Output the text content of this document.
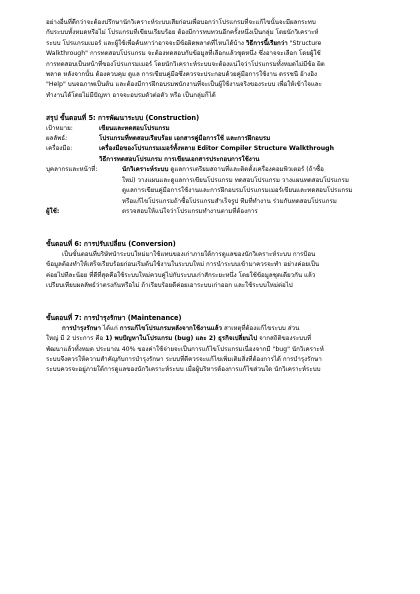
อย่างอื่นที่ดีกว่าจะต้องปรึกษานักวิเคราะห์ระบบเสียก่อนเพื่อบอกว่าโปรแกรมที่จะแก้ไขนั้นจะมีผลกระทบ

กับระบบทั้งหมดหรือไม่ โปรแกรมที่เขียนเรียบร้อย ต้องมีการทบทวนอีกครั้งหนึ่งเป็นกลุ่ม โดยนักวิเคราะห์

ระบบ โปรแกรมเมอร์ และผู้ใช้เพื่อค้นหาว่าอาจจะมีข้อผิดพลาดที่ไหนได้บ้าง วิธีการนี้เรียกว่า "Structure

Walkthrough" การทดสอบโปรแกรม จะต้องทดสอบกับข้อมูลที่เลือกแล้วชุดหนึ่ง ซึ่งอาจจะเลือก โดยผู้ใช้

การทดสอบเป็นหน้าที่ของโปรแกรมเมอร์ โดยนักวิเคราะห์ระบบจะต้องแน่ใจว่าโปรแกรมทั้งหมดไม่มีข้อ ผิด

พลาด หลังจากนั้น ต้องควบคุม ดูแล การเขียนคู่มือซึ่งควรจะประกอบด้วยคู่มือการใช้งาน ดรรชนี อ้างอิง

"Help" บนจอภาพเป็นต้น และต้องมีการฝึกอบรมพนักงานที่จะเป็นผู้ใช้งานจริงของระบบ เพื่อให้เข้าใจและ

ทำงานได้โดยไม่มีปัญหา อาจจะอบรมตัวต่อตัว หรือ เป็นกลุ่มก็ได้

สรุป ขั้นตอนที่ 5: การพัฒนาระบบ (Construction)

เป้าหมาย:	เขียนและทดสอบโปรแกรม
ผลลัพธ์:	โปรแกรมที่ทดสอบเรียบร้อย เอกสารคู่มือการใช้ และการฝึกอบรม
เครื่องมือ:	เครื่องมือของโปรแกรมเมอร์ทั้งหลาย Editor Compiler Structure Walkthrough

วิธีการทดสอบโปรแกรม การเขียนเอกสารประกอบการใช้งาน

บุคลากรและหน้าที่:	นักวิเคราะห์ระบบ ดูแลการเตรียมสถานที่และติดตั้งเครื่องคอมพิวเตอร์ (ถ้าซื้อ

ใหม่) วางแผนและดูแลการเขียนโปรแกรม ทดสอบโปรแกรม วางแผนทดสอบโปรแกรม

ดูแลการเขียนคู่มือการใช้งานและการฝึกอบรมโปรแกรมเมอร์เขียนและทดสอบโปรแกรม

หรือแก้ไขโปรแกรมถ้าซื้อโปรแกรมสำเร็จรูป ทีมที่ทำงาน ร่วมกันทดสอบโปรแกรม

ผู้ใช้:	ตรวจสอบให้แน่ใจว่าโปรแกรมทำงานตามที่ต้องการ

ขั้นตอนที่ 6: การปรับเปลี่ยน (Conversion)

เป็นขั้นตอนที่บริษัทนำระบบใหม่มาใช้แทนของเก่าภายใต้การดูแลของนักวิเคราะห์ระบบ การป้อน

ข้อมูลต้องทำให้เสร็จเรียบร้อยก่อนเริ่มต้นใช้งานในระบบใหม่ การนำระบบเข้ามาควรจะทำ อย่างค่อยเป็น

ค่อยไปทีละน้อย ที่ดีที่สุดคือใช้ระบบใหม่ควบคู่ไปกับระบบเก่าสักระยะหนึ่ง โดยใช้ข้อมูลชุดเดียวกัน แล้ว

เปรียบเทียบผลลัพธ์ว่าตรงกันหรือไม่ ถ้าเรียบร้อยดีค่อยเอาระบบเก่าออก และใช้ระบบใหม่ต่อไป

ขั้นตอนที่ 7: การบำรุงรักษา (Maintenance)

การบำรุงรักษา ได้แก่ การแก้ไขโปรแกรมหลังจากใช้งานแล้ว สาเหตุที่ต้องแก้ไขระบบ ส่วน

ใหญ่ มี 2 ประการ คือ 1) พบปัญหาในโปรแกรม (bug) และ 2) ธุรกิจเปลี่ยนไป จากสถิติของระบบที่

พัฒนาแล้วทั้งหมด ประมาณ 40% ของค่าใช้จ่ายจะเป็นการแก้ไขโปรแกรมเนื่องจากมี "bug" นักวิเคราะห์

ระบบจึงควรให้ความสำคัญกับการบำรุงรักษา ระบบที่ดีควรจะแก้ไขเพิ่มเติมสิ่งที่ต้องการได้ การบำรุงรักษา

ระบบควรจะอยู่ภายใต้การดูแลของนักวิเคราะห์ระบบ เมื่อผู้บริหารต้องการแก้ไขส่วนใด นักวิเคราะห์ระบบ
